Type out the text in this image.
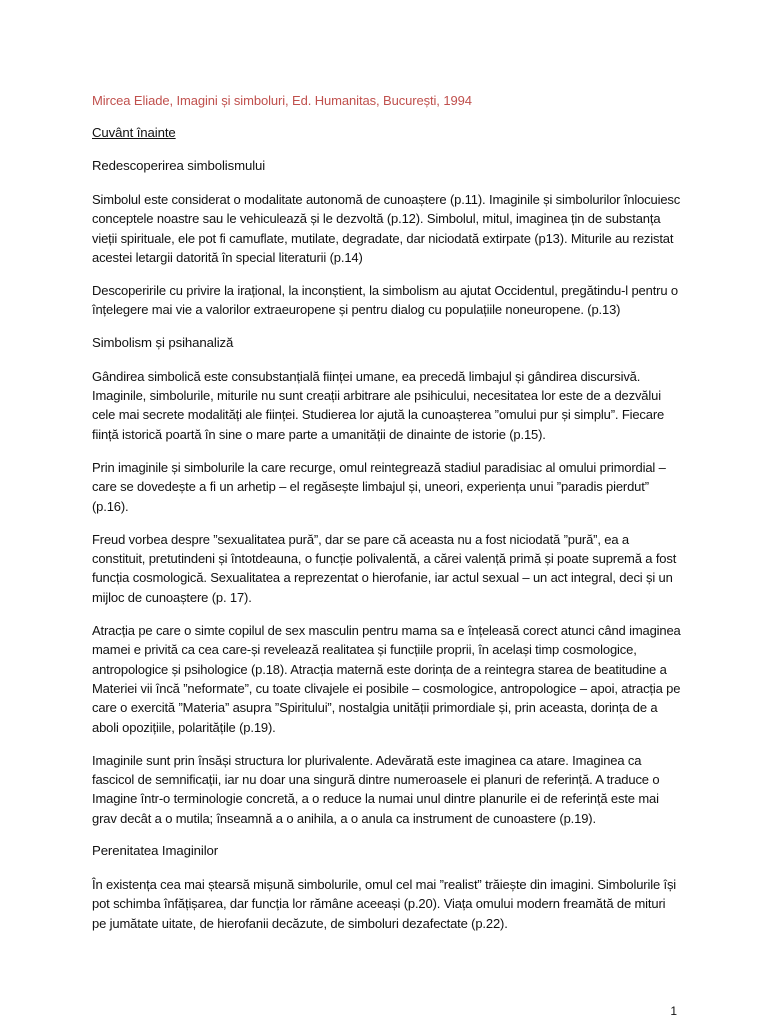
Mircea Eliade, Imagini și simboluri, Ed. Humanitas, București, 1994

Cuvânt înainte

Redescoperirea simbolismului

Simbolul este considerat o modalitate autonomă de cunoaștere (p.11). Imaginile și simbolurilor înlocuiesc conceptele noastre sau le vehiculează și le dezvoltă (p.12). Simbolul, mitul, imaginea țin de substanța vieții spirituale, ele pot fi camuflate, mutilate, degradate, dar niciodată extirpate (p13). Miturile au rezistat acestei letargii datorită în special literaturii (p.14)

Descoperirile cu privire la irațional, la inconștient, la simbolism au ajutat Occidentul, pregătindu-l pentru o înțelegere mai vie a valorilor extraeuropene și pentru dialog cu populațiile noneuropene. (p.13)

Simbolism și psihanaliză

Gândirea simbolică este consubstanțială ființei umane, ea precedă limbajul și gândirea discursivă. Imaginile, simbolurile, miturile nu sunt creații arbitrare ale psihicului, necesitatea lor este de a dezvălui cele mai secrete modalități ale ființei. Studierea lor ajută la cunoașterea ”omului pur și simplu”. Fiecare ființă istorică poartă în sine o mare parte a umanității de dinainte de istorie (p.15).

Prin imaginile și simbolurile la care recurge, omul reintegrează stadiul paradisiac al omului primordial – care se dovedește a fi un arhetip – el regăsește limbajul și, uneori, experiența unui ”paradis pierdut” (p.16).

Freud vorbea despre ”sexualitatea pură”, dar se pare că aceasta nu a fost niciodată ”pură”, ea a constituit, pretutindeni și întotdeauna, o funcție polivalentă, a cărei valență primă și poate supremă a fost funcția cosmologică. Sexualitatea a reprezentat o hierofanie, iar actul sexual – un act integral, deci și un mijloc de cunoaștere (p. 17).

Atracția pe care o simte copilul de sex masculin pentru mama sa e înțeleasă corect atunci când imaginea mamei e privită ca cea care-și revelează realitatea și funcțiile proprii, în același timp cosmologice, antropologice și psihologice (p.18). Atracția maternă este dorința de a reintegra starea de beatitudine a Materiei vii încă ”neformate”, cu toate clivajele ei posibile – cosmologice, antropologice – apoi, atracția pe care o exercită ”Materia” asupra ”Spiritului”, nostalgia unității primordiale și, prin aceasta, dorința de a aboli opozițiile, polaritățile (p.19).

Imaginile sunt prin însăși structura lor plurivalente. Adevărată este imaginea ca atare. Imaginea ca fascicol de semnificații, iar nu doar una singură dintre numeroasele ei planuri de referință. A traduce o Imagine într-o terminologie concretă, a o reduce la numai unul dintre planurile ei de referință este mai grav decât a o mutila; înseamnă a o anihila, a o anula ca instrument de cunoastere (p.19).

Perenitatea Imaginilor

În existența cea mai ștearsă mișună simbolurile, omul cel mai ”realist” trăiește din imagini. Simbolurile își pot schimba înfățișarea, dar funcția lor rămâne aceeași (p.20). Viața omului modern freamătă de mituri pe jumătate uitate, de hierofanii decăzute, de simboluri dezafectate (p.22).

1
